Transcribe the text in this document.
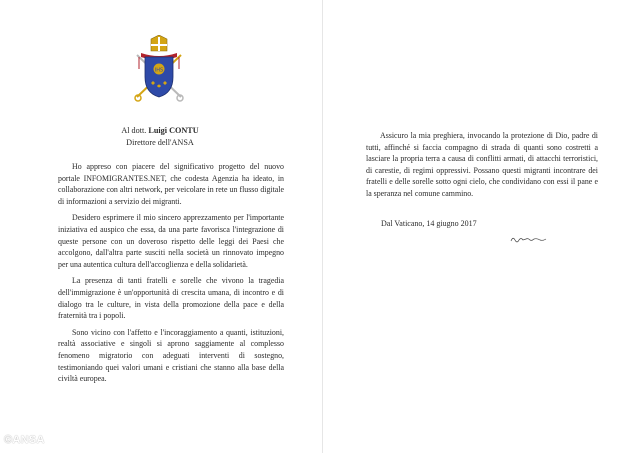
IHS
Al dott. Luigi CONTU
Direttore dell'ANSA

Ho appreso con piacere del significativo progetto del nuovo portale INFOMIGRANTES.NET, che codesta Agenzia ha ideato, in collaborazione con altri network, per veicolare in rete un flusso digitale di informazioni a servizio dei migranti.

Desidero esprimere il mio sincero apprezzamento per l'importante iniziativa ed auspico che essa, da una parte favorisca l'integrazione di queste persone con un doveroso rispetto delle leggi dei Paesi che accolgono, dall'altra parte susciti nella società un rinnovato impegno per una autentica cultura dell'accoglienza e della solidarietà.

La presenza di tanti fratelli e sorelle che vivono la tragedia dell'immigrazione è un'opportunità di crescita umana, di incontro e di dialogo tra le culture, in vista della promozione della pace e della fraternità tra i popoli.

Sono vicino con l'affetto e l'incoraggiamento a quanti, istituzioni, realtà associative e singoli si aprono saggiamente al complesso fenomeno migratorio con adeguati interventi di sostegno, testimoniando quei valori umani e cristiani che stanno alla base della civiltà europea.

Assicuro la mia preghiera, invocando la protezione di Dio, padre di tutti, affinché si faccia compagno di strada di quanti sono costretti a lasciare la propria terra a causa di conflitti armati, di attacchi terroristici, di carestie, di regimi oppressivi. Possano questi migranti incontrare dei fratelli e delle sorelle sotto ogni cielo, che condividano con essi il pane e la speranza nel comune cammino.

Dal Vaticano, 14 giugno 2017
©ANSA
